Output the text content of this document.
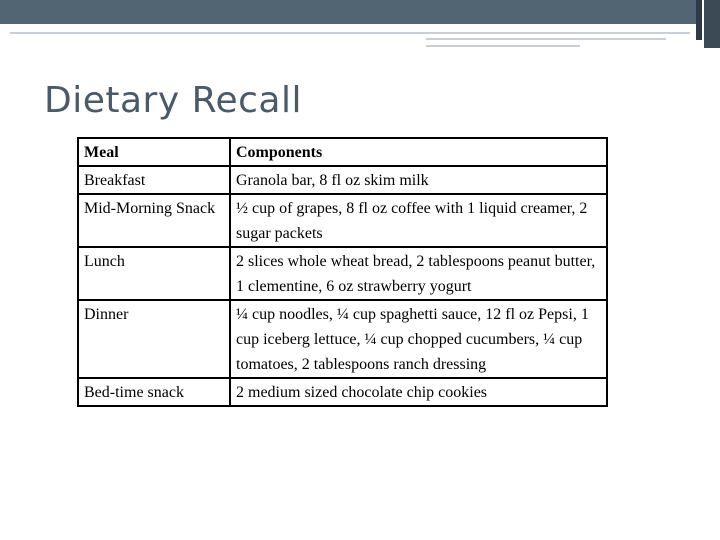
Dietary Recall
Meal	Components
Breakfast	Granola bar, 8 fl oz skim milk
Mid-Morning Snack	½ cup of grapes, 8 fl oz coffee with 1 liquid creamer, 2 sugar packets
Lunch	2 slices whole wheat bread, 2 tablespoons peanut butter, 1 clementine, 6 oz strawberry yogurt
Dinner	¼ cup noodles, ¼ cup spaghetti sauce, 12 fl oz Pepsi, 1 cup iceberg lettuce, ¼ cup chopped cucumbers, ¼ cup tomatoes, 2 tablespoons ranch dressing
Bed-time snack	2 medium sized chocolate chip cookies
